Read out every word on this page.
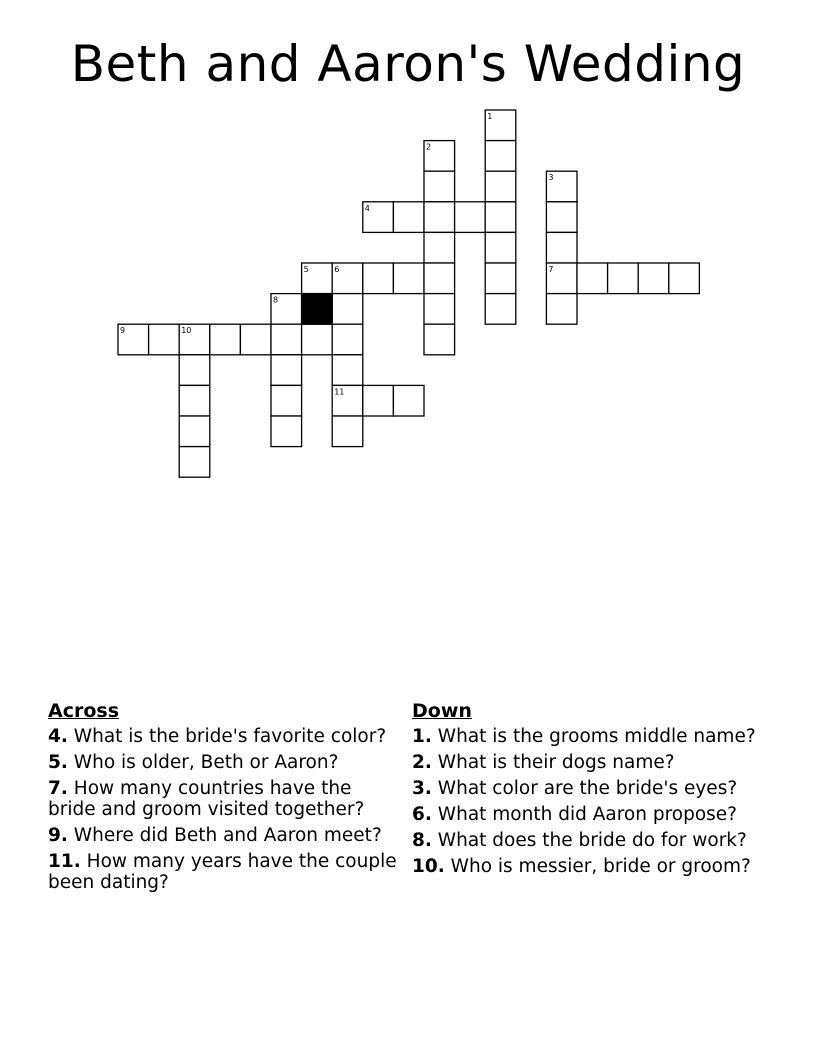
Beth and Aaron's Wedding
1
2
3
4
5	6	7
8
9	10
11
Across
4. What is the bride's favorite color?
5. Who is older, Beth or Aaron?
7. How many countries have the bride and groom visited together?
9. Where did Beth and Aaron meet?
11. How many years have the couple been dating?
Down
1. What is the grooms middle name?
2. What is their dogs name?
3. What color are the bride's eyes?
6. What month did Aaron propose?
8. What does the bride do for work?
10. Who is messier, bride or groom?
